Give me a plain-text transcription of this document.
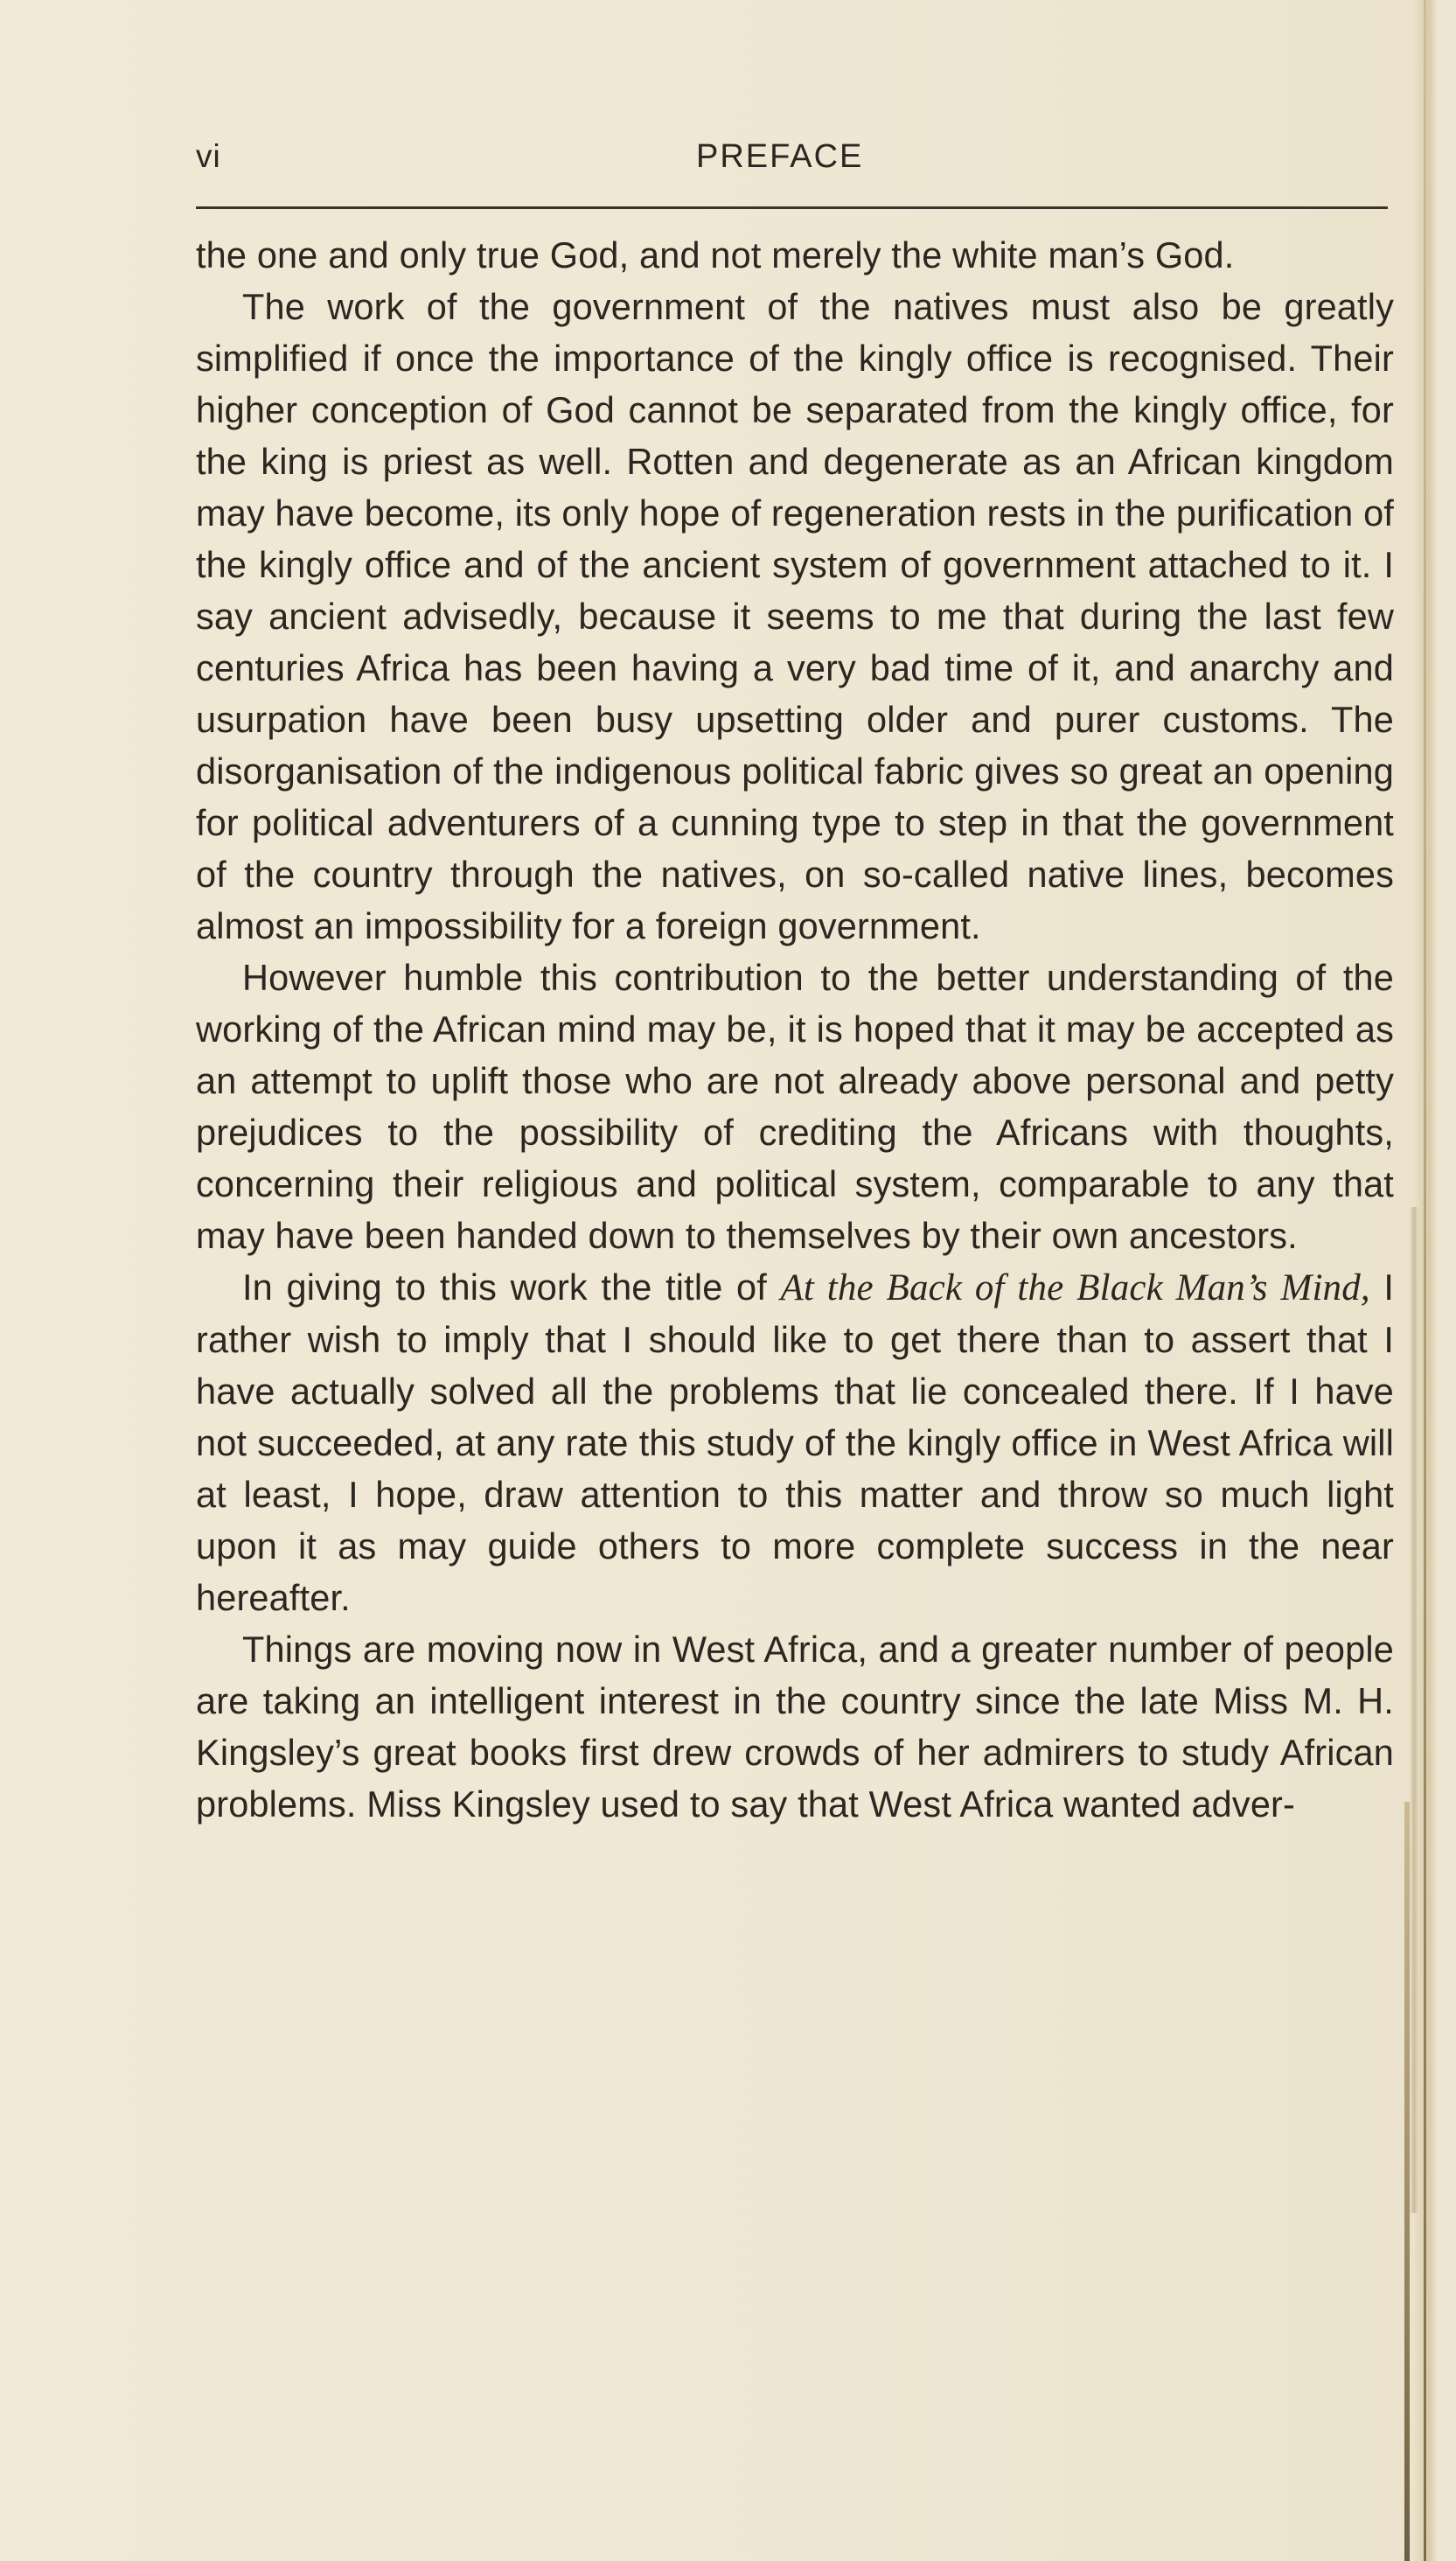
vi	PREFACE

the one and only true God, and not merely the white man’s God.

The work of the government of the natives must also be greatly simplified if once the importance of the kingly office is recognised. Their higher conception of God cannot be separated from the kingly office, for the king is priest as well. Rotten and degenerate as an African kingdom may have become, its only hope of regeneration rests in the purification of the kingly office and of the ancient system of government attached to it. I say ancient advisedly, because it seems to me that during the last few centuries Africa has been having a very bad time of it, and anarchy and usurpation have been busy upsetting older and purer customs. The disorganisation of the indigenous political fabric gives so great an opening for political adventurers of a cunning type to step in that the government of the country through the natives, on so-called native lines, becomes almost an impossibility for a foreign government.

However humble this contribution to the better understanding of the working of the African mind may be, it is hoped that it may be accepted as an attempt to uplift those who are not already above personal and petty prejudices to the possibility of crediting the Africans with thoughts, concerning their religious and political system, comparable to any that may have been handed down to themselves by their own ancestors.

In giving to this work the title of At the Back of the Black Man’s Mind, I rather wish to imply that I should like to get there than to assert that I have actually solved all the problems that lie concealed there. If I have not succeeded, at any rate this study of the kingly office in West Africa will at least, I hope, draw attention to this matter and throw so much light upon it as may guide others to more complete success in the near hereafter.

Things are moving now in West Africa, and a greater number of people are taking an intelligent interest in the country since the late Miss M. H. Kingsley’s great books first drew crowds of her admirers to study African problems. Miss Kingsley used to say that West Africa wanted adver-
